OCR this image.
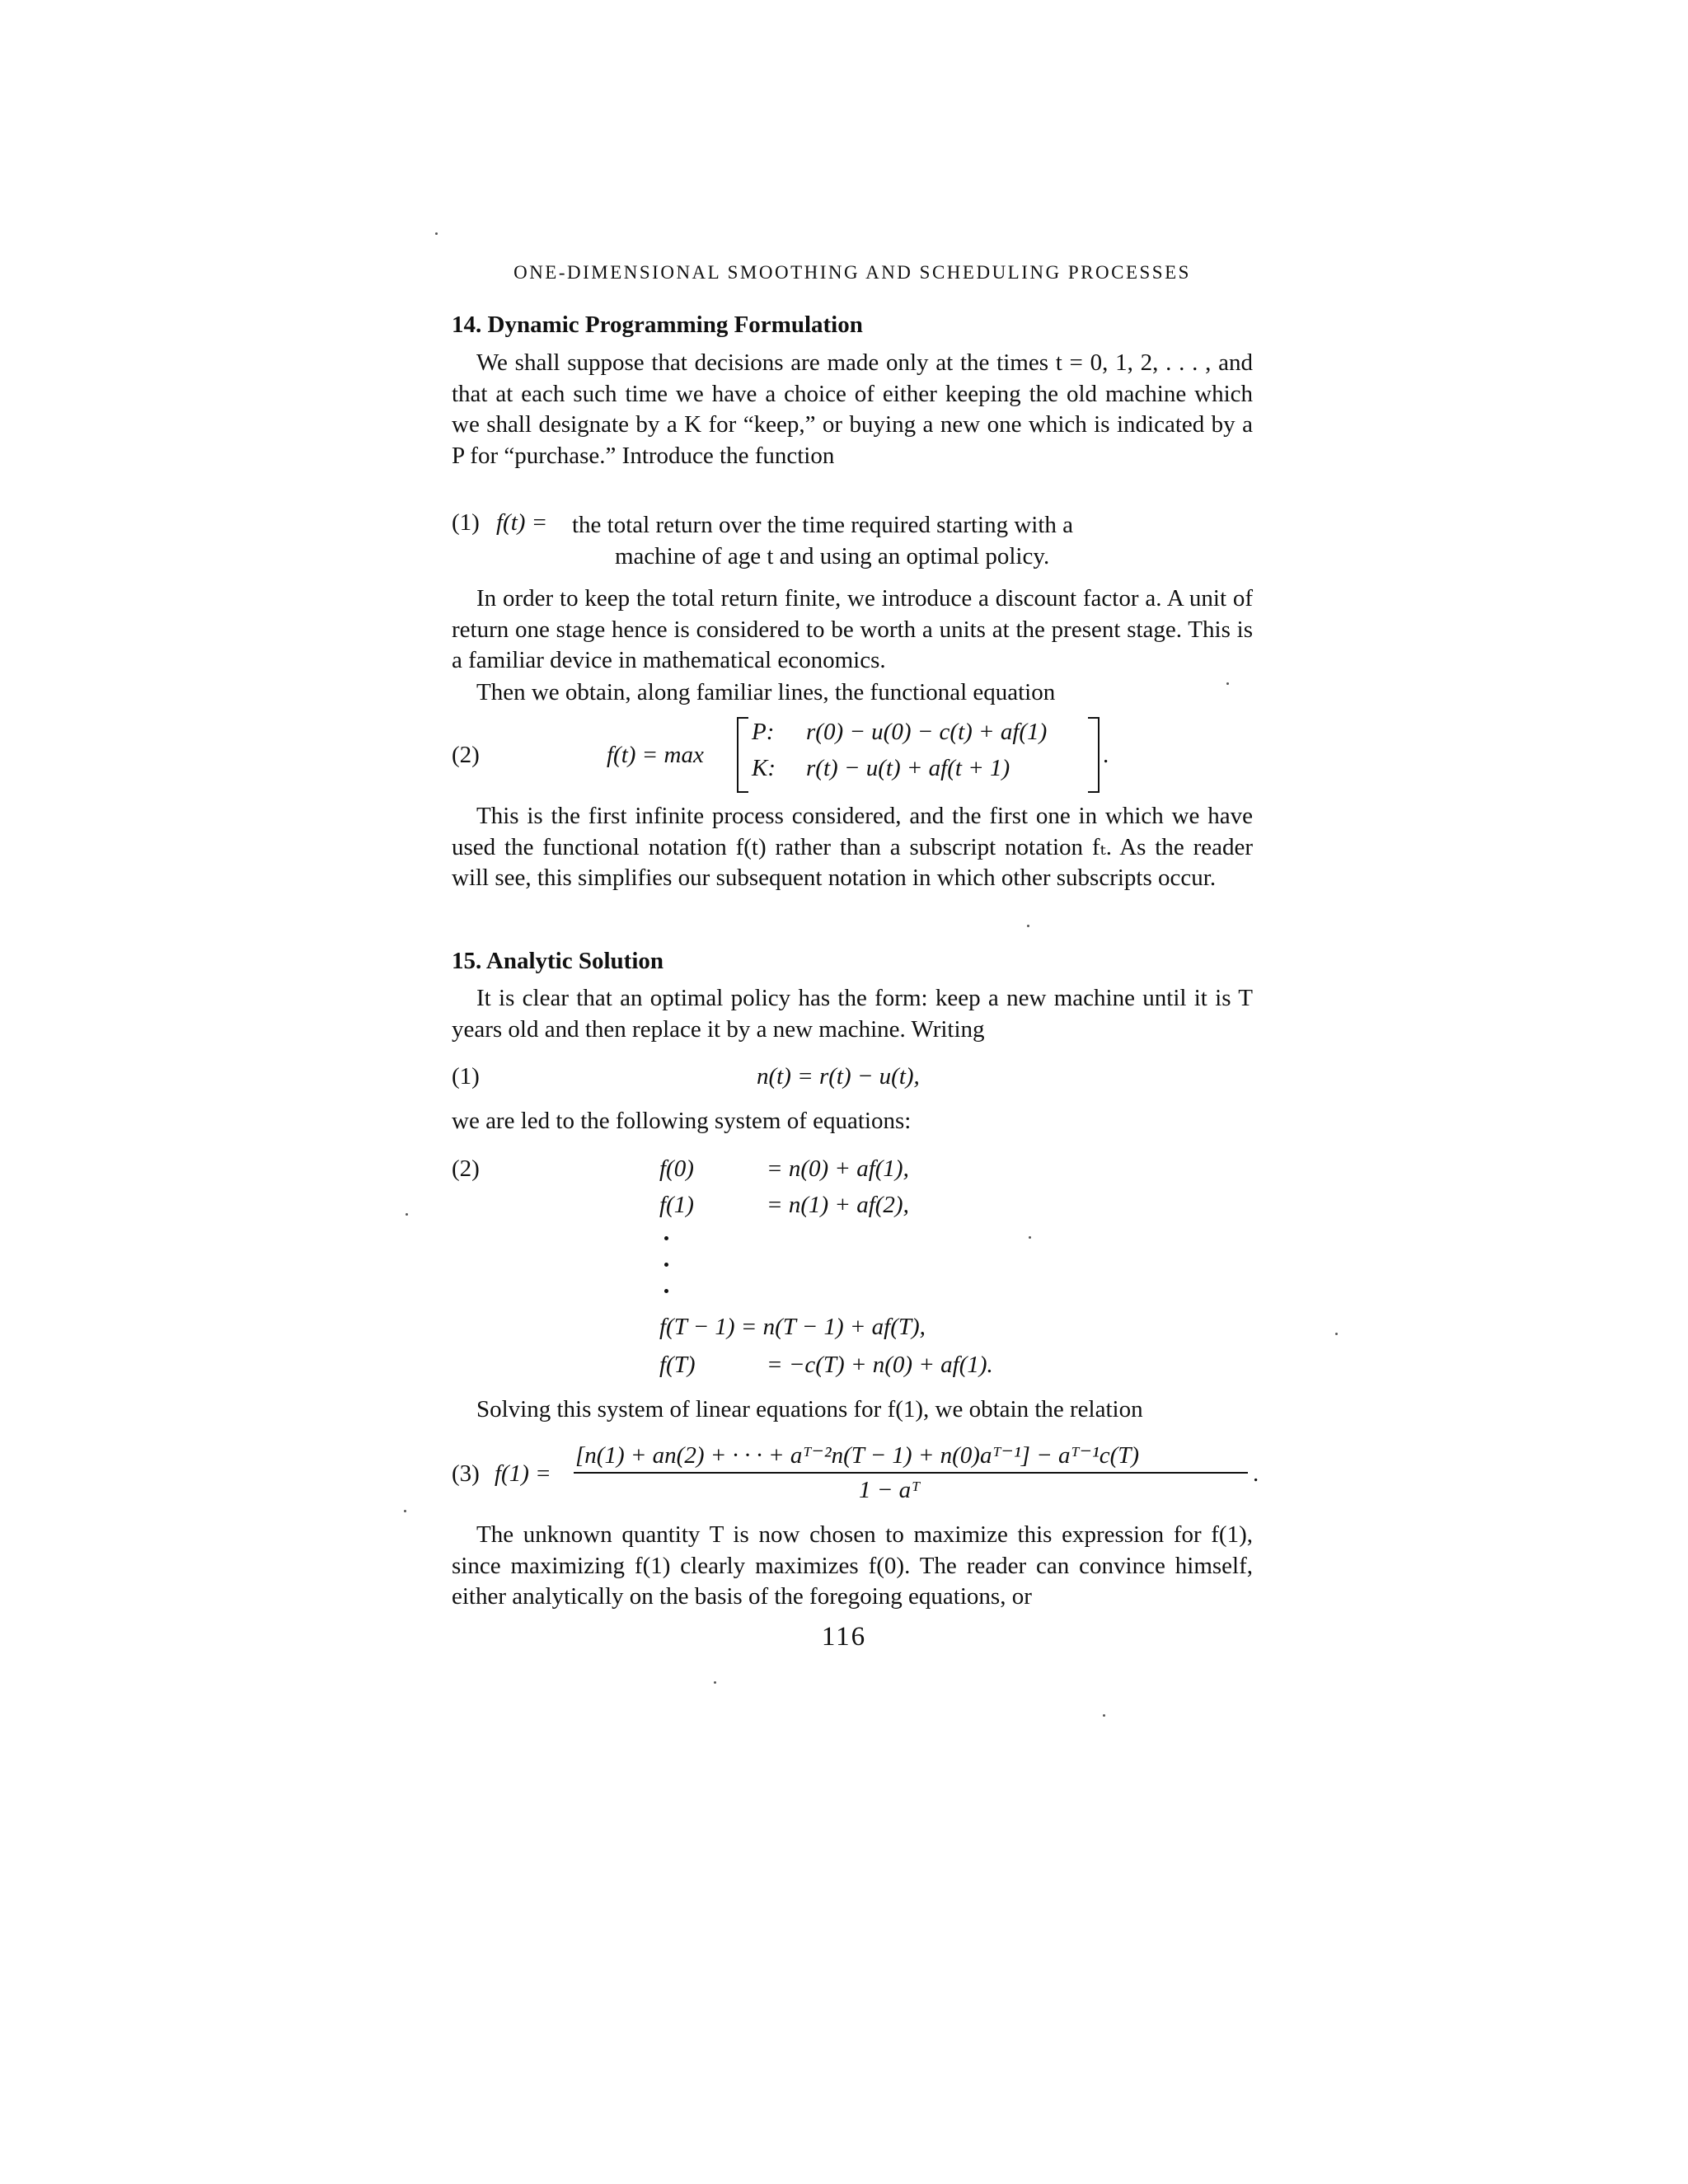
ONE-DIMENSIONAL SMOOTHING AND SCHEDULING PROCESSES
14. Dynamic Programming Formulation

We shall suppose that decisions are made only at the times t = 0, 1, 2, . . . , and that at each such time we have a choice of either keeping the old machine which we shall designate by a K for “keep,” or buying a new one which is indicated by a P for “purchase.” Introduce the function

(1) f(t) = the total return over the time required starting with a
machine of age t and using an optimal policy.

In order to keep the total return finite, we introduce a discount factor a. A unit of return one stage hence is considered to be worth a units at the present stage. This is a familiar device in mathematical economics.

Then we obtain, along familiar lines, the functional equation

(2)	f(t) = max
P: r(0) − u(0) − c(t) + af(1)
K: r(t) − u(t) + af(t + 1)	.

This is the first infinite process considered, and the first one in which we have used the functional notation f(t) rather than a subscript notation fₜ. As the reader will see, this simplifies our subsequent notation in which other subscripts occur.

15. Analytic Solution

It is clear that an optimal policy has the form: keep a new machine until it is T years old and then replace it by a new machine. Writing

(1)	n(t) = r(t) − u(t),

we are led to the following system of equations:

(2)	f(0)	= n(0) + af(1),
f(1)	= n(1) + af(2),
f(T − 1) = n(T − 1) + af(T),
f(T)	= −c(T) + n(0) + af(1).

Solving this system of linear equations for f(1), we obtain the relation

(3) f(1) =
[n(1) + an(2) + · · · + aᵀ⁻²n(T − 1) + n(0)aᵀ⁻¹] − aᵀ⁻¹c(T)
1 − aᵀ
.

The unknown quantity T is now chosen to maximize this expression for f(1), since maximizing f(1) clearly maximizes f(0). The reader can convince himself, either analytically on the basis of the foregoing equations, or

116
